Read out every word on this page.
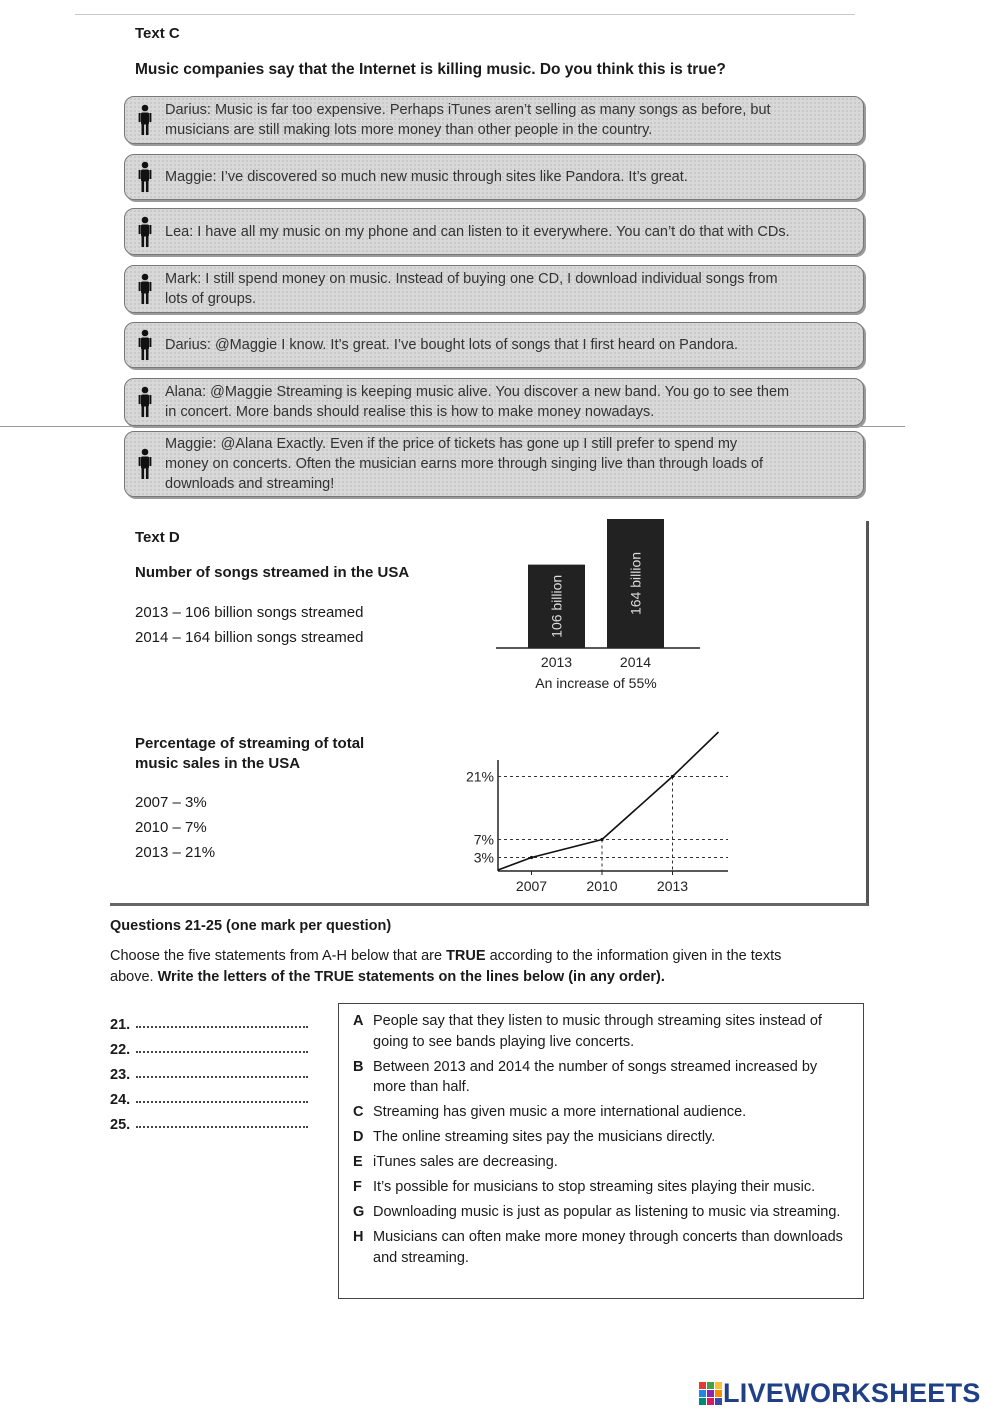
Text C
Music companies say that the Internet is killing music. Do you think this is true?
Darius: Music is far too expensive. Perhaps iTunes aren’t selling as many songs as before, but
musicians are still making lots more money than other people in the country.
Maggie: I’ve discovered so much new music through sites like Pandora. It’s great.
Lea: I have all my music on my phone and can listen to it everywhere. You can’t do that with CDs.
Mark: I still spend money on music. Instead of buying one CD, I download individual songs from
lots of groups.
Darius: @Maggie I know. It’s great. I’ve bought lots of songs that I first heard on Pandora.
Alana: @Maggie Streaming is keeping music alive. You discover a new band. You go to see them
in concert. More bands should realise this is how to make money nowadays.
Maggie: @Alana Exactly. Even if the price of tickets has gone up I still prefer to spend my
money on concerts. Often the musician earns more through singing live than through loads of
downloads and streaming!
Text D
Number of songs streamed in the USA
2013 – 106 billion songs streamed
2014 – 164 billion songs streamed
Percentage of streaming of total
music sales in the USA
2007 – 3%
2010 – 7%
2013 – 21%
106 billion
2013
164 billion
2014
An increase of 55%
3%
7%
21%
2007	2010	2013
Questions 21-25 (one mark per question)
Choose the five statements from A-H below that are TRUE according to the information given in the texts
above. Write the letters of the TRUE statements on the lines below (in any order).
21.
22.
23.
24.
25.
A People say that they listen to music through streaming sites instead of going to see bands playing live concerts.
B Between 2013 and 2014 the number of songs streamed increased by more than half.
C Streaming has given music a more international audience.
D The online streaming sites pay the musicians directly.
E iTunes sales are decreasing.
F It’s possible for musicians to stop streaming sites playing their music.
G Downloading music is just as popular as listening to music via streaming.
H Musicians can often make more money through concerts than downloads and streaming.
LIVEWORKSHEETS
